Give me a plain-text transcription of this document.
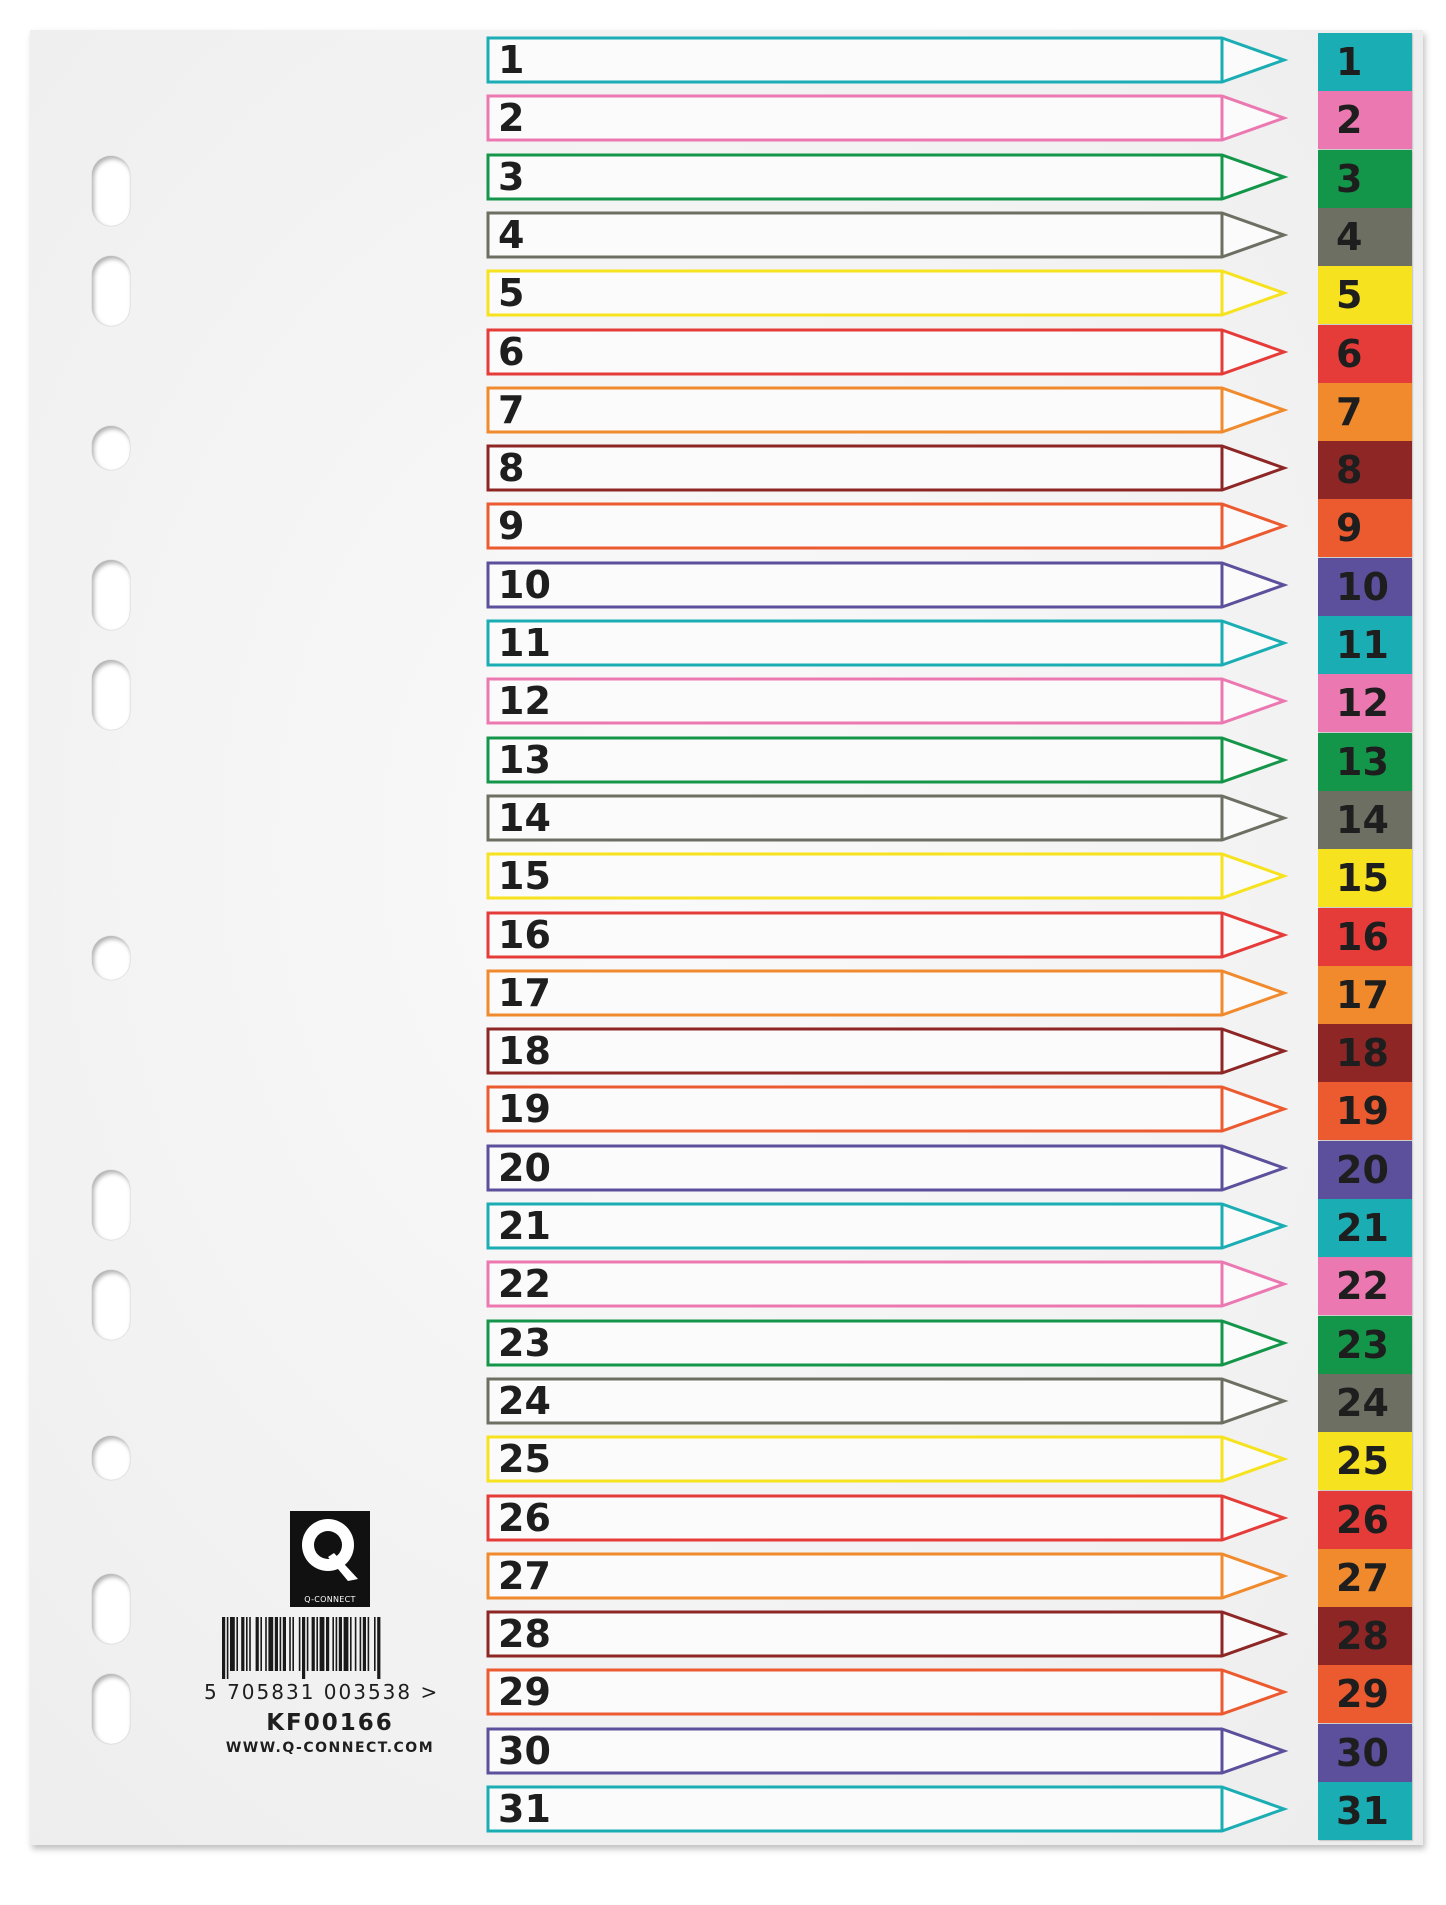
1	1
2	2
3	3
4	4
5	5
6	6
7	7
8	8
9	9
10	10
11	11
12	12
13	13
14	14
15	15
16	16
17	17
18	18
19	19
20	20
21	21
22	22
23	23
24	24
25	25
26	26
27	27
28	28
29	29
30	30
31	31
Q-CONNECT
5 705831 003538 >
KF00166
WWW.Q-CONNECT.COM
